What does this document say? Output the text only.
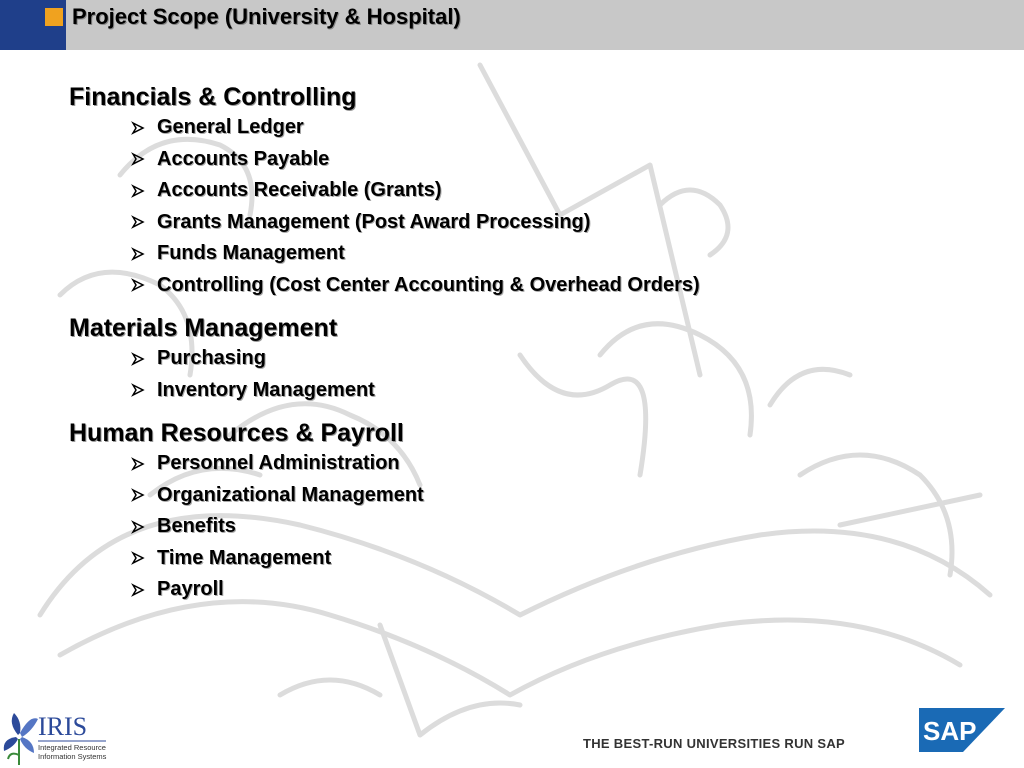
Project Scope (University & Hospital)
Financials & Controlling
General Ledger
Accounts Payable
Accounts Receivable (Grants)
Grants Management (Post Award Processing)
Funds Management
Controlling (Cost Center Accounting & Overhead Orders)
Materials Management
Purchasing
Inventory Management
Human Resources & Payroll
Personnel Administration
Organizational Management
Benefits
Time Management
Payroll
IRIS
Integrated Resource
Information Systems
THE BEST-RUN UNIVERSITIES RUN SAP	SAP
